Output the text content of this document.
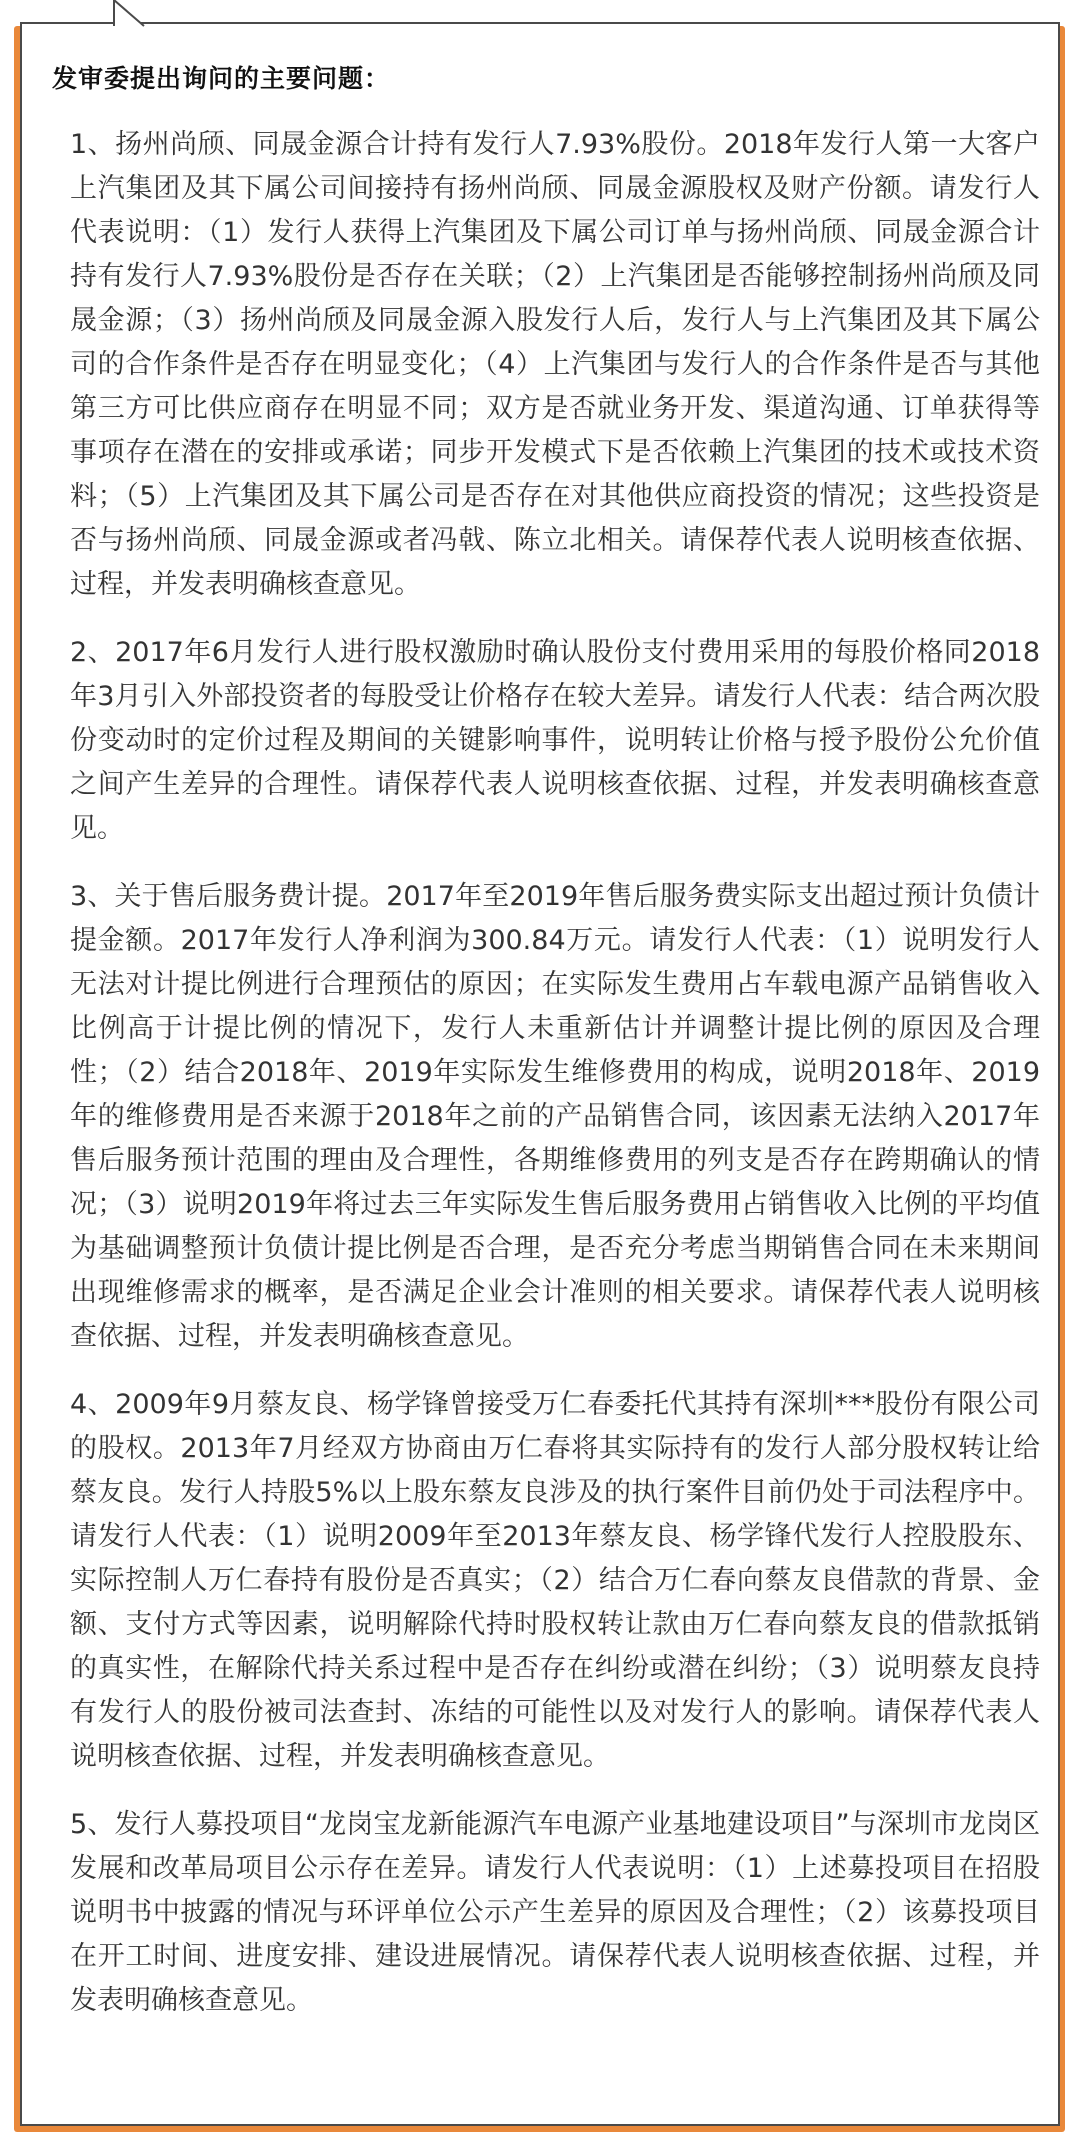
发审委提出询问的主要问题：

1、扬州尚颀、同晟金源合计持有发行人7.93%股份。2018年发行人第一大客户上汽集团及其下属公司间接持有扬州尚颀、同晟金源股权及财产份额。请发行人代表说明：（1）发行人获得上汽集团及下属公司订单与扬州尚颀、同晟金源合计持有发行人7.93%股份是否存在关联；（2）上汽集团是否能够控制扬州尚颀及同晟金源；（3）扬州尚颀及同晟金源入股发行人后，发行人与上汽集团及其下属公司的合作条件是否存在明显变化；（4）上汽集团与发行人的合作条件是否与其他第三方可比供应商存在明显不同；双方是否就业务开发、渠道沟通、订单获得等事项存在潜在的安排或承诺；同步开发模式下是否依赖上汽集团的技术或技术资料；（5）上汽集团及其下属公司是否存在对其他供应商投资的情况；这些投资是否与扬州尚颀、同晟金源或者冯戟、陈立北相关。请保荐代表人说明核查依据、过程，并发表明确核查意见。

2、2017年6月发行人进行股权激励时确认股份支付费用采用的每股价格同2018年3月引入外部投资者的每股受让价格存在较大差异。请发行人代表：结合两次股份变动时的定价过程及期间的关键影响事件，说明转让价格与授予股份公允价值之间产生差异的合理性。请保荐代表人说明核查依据、过程，并发表明确核查意见。

3、关于售后服务费计提。2017年至2019年售后服务费实际支出超过预计负债计提金额。2017年发行人净利润为300.84万元。请发行人代表：（1）说明发行人无法对计提比例进行合理预估的原因；在实际发生费用占车载电源产品销售收入比例高于计提比例的情况下，发行人未重新估计并调整计提比例的原因及合理性；（2）结合2018年、2019年实际发生维修费用的构成，说明2018年、2019年的维修费用是否来源于2018年之前的产品销售合同，该因素无法纳入2017年售后服务预计范围的理由及合理性，各期维修费用的列支是否存在跨期确认的情况；（3）说明2019年将过去三年实际发生售后服务费用占销售收入比例的平均值为基础调整预计负债计提比例是否合理，是否充分考虑当期销售合同在未来期间出现维修需求的概率，是否满足企业会计准则的相关要求。请保荐代表人说明核查依据、过程，并发表明确核查意见。

4、2009年9月蔡友良、杨学锋曾接受万仁春委托代其持有深圳***股份有限公司的股权。2013年7月经双方协商由万仁春将其实际持有的发行人部分股权转让给蔡友良。发行人持股5%以上股东蔡友良涉及的执行案件目前仍处于司法程序中。请发行人代表：（1）说明2009年至2013年蔡友良、杨学锋代发行人控股股东、实际控制人万仁春持有股份是否真实；（2）结合万仁春向蔡友良借款的背景、金额、支付方式等因素，说明解除代持时股权转让款由万仁春向蔡友良的借款抵销的真实性，在解除代持关系过程中是否存在纠纷或潜在纠纷；（3）说明蔡友良持有发行人的股份被司法查封、冻结的可能性以及对发行人的影响。请保荐代表人说明核查依据、过程，并发表明确核查意见。

5、发行人募投项目“龙岗宝龙新能源汽车电源产业基地建设项目”与深圳市龙岗区发展和改革局项目公示存在差异。请发行人代表说明：（1）上述募投项目在招股说明书中披露的情况与环评单位公示产生差异的原因及合理性；（2）该募投项目在开工时间、进度安排、建设进展情况。请保荐代表人说明核查依据、过程，并发表明确核查意见。
